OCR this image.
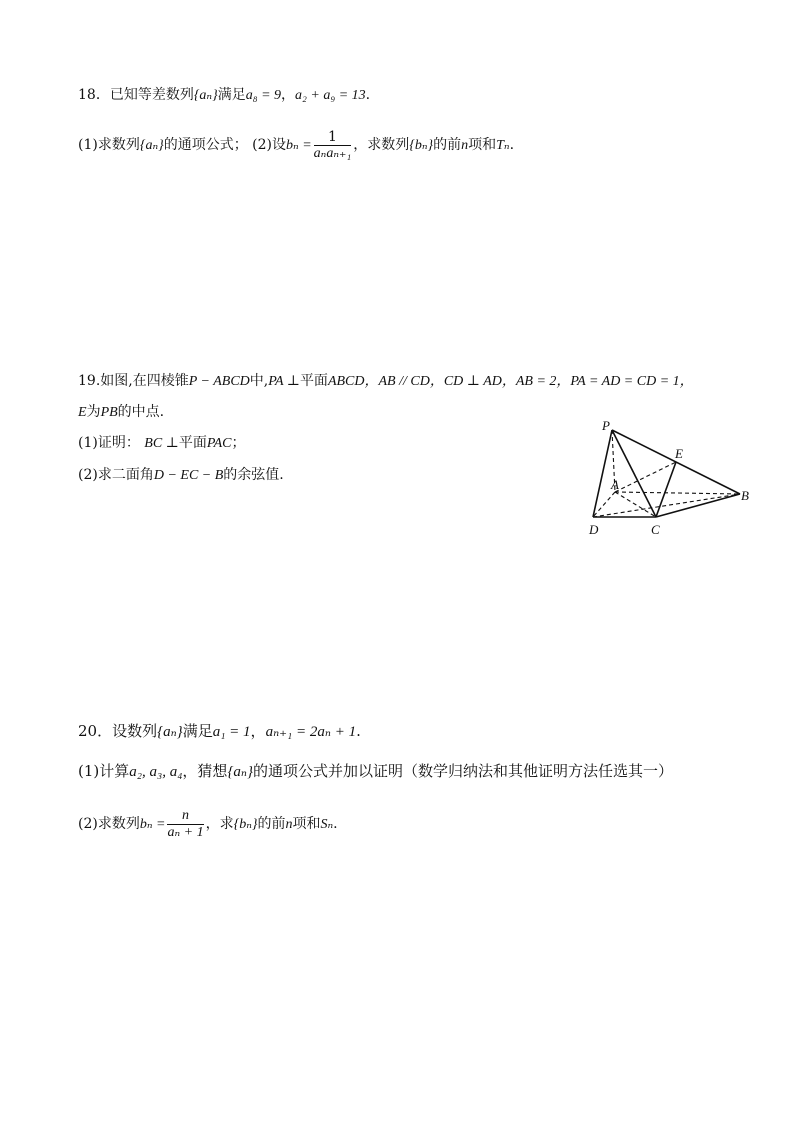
18．已知等差数列{aₙ}满足a₈ = 9，a₂ + a₉ = 13.
(1)求数列{aₙ}的通项公式； (2)设$b_n = \frac{1}{\text{aₙaₙ₊₁}}$ ，求数列{bₙ}的前n项和Tₙ.
19.如图,在四棱锥P − ABCD中,PA ⊥平面ABCD，AB // CD，CD ⊥ AD，AB = 2，PA = AD = CD = 1，
E为PB的中点.
(1)证明： BC ⊥平面PAC；
(2)求二面角D − EC − B的余弦值.
P
E
A
B
D	C
20．设数列{aₙ}满足a₁ = 1，aₙ₊₁ = 2aₙ + 1.
(1)计算a₂, a₃, a₄，猜想{aₙ}的通项公式并加以证明（数学归纳法和其他证明方法任选其一）
(2)求数列$b_n = \frac{n}{\text{aₙ + 1}}$ ，求{bₙ}的前n项和Sₙ.
